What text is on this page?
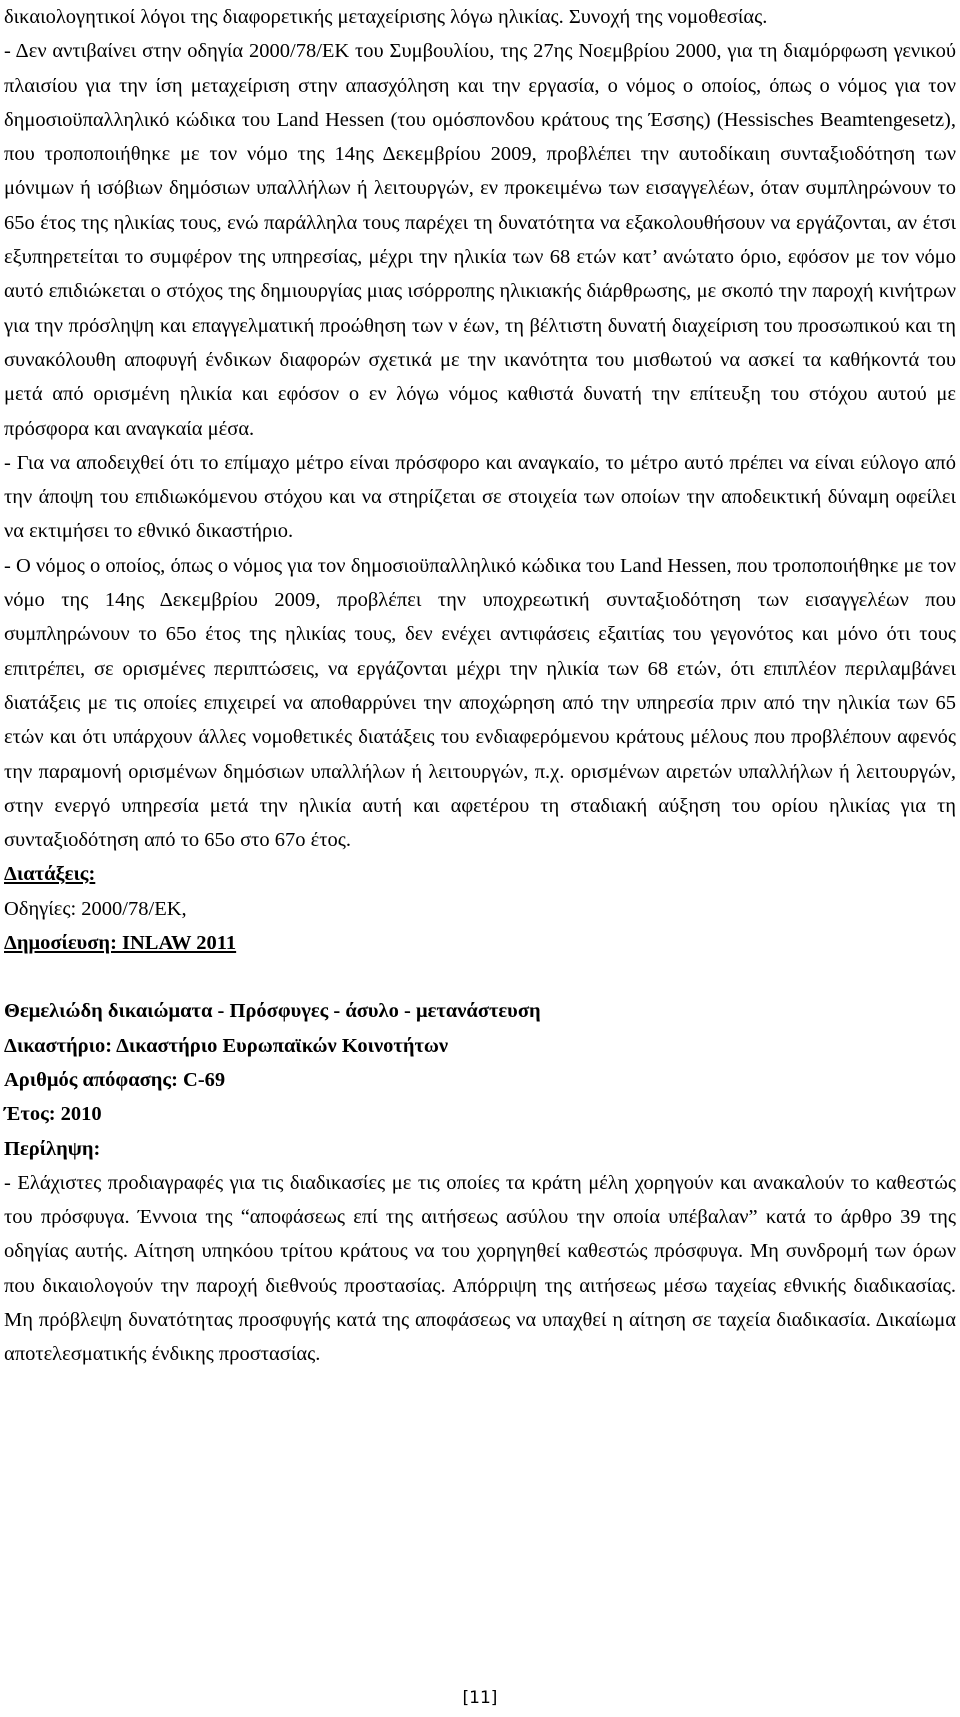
δικαιολογητικοί λόγοι της διαφορετικής μεταχείρισης λόγω ηλικίας. Συνοχή της νομοθεσίας.

- Δεν αντιβαίνει στην οδηγία 2000/78/ΕΚ του Συμβουλίου, της 27ης Νοεμβρίου 2000, για τη διαμόρφωση γενικού πλαισίου για την ίση μεταχείριση στην απασχόληση και την εργασία, ο νόμος ο οποίος, όπως ο νόμος για τον δημοσιοϋπαλληλικό κώδικα του Land Hessen (του ομόσπονδου κράτους της Έσσης) (Hessisches Beamtengesetz), που τροποποιήθηκε με τον νόμο της 14ης Δεκεμβρίου 2009, προβλέπει την αυτοδίκαιη συνταξιοδότηση των μόνιμων ή ισόβιων δημόσιων υπαλλήλων ή λειτουργών, εν προκειμένω των εισαγγελέων, όταν συμπληρώνουν το 65ο έτος της ηλικίας τους, ενώ παράλληλα τους παρέχει τη δυνατότητα να εξακολουθήσουν να εργάζονται, αν έτσι εξυπηρετείται το συμφέρον της υπηρεσίας, μέχρι την ηλικία των 68 ετών κατ’ ανώτατο όριο, εφόσον με τον νόμο αυτό επιδιώκεται ο στόχος της δημιουργίας μιας ισόρροπης ηλικιακής διάρθρωσης, με σκοπό την παροχή κινήτρων για την πρόσληψη και επαγγελματική προώθηση των ν έων, τη βέλτιστη δυνατή διαχείριση του προσωπικού και τη συνακόλουθη αποφυγή ένδικων διαφορών σχετικά με την ικανότητα του μισθωτού να ασκεί τα καθήκοντά του μετά από ορισμένη ηλικία και εφόσον ο εν λόγω νόμος καθιστά δυνατή την επίτευξη του στόχου αυτού με πρόσφορα και αναγκαία μέσα.

- Για να αποδειχθεί ότι το επίμαχο μέτρο είναι πρόσφορο και αναγκαίο, το μέτρο αυτό πρέπει να είναι εύλογο από την άποψη του επιδιωκόμενου στόχου και να στηρίζεται σε στοιχεία των οποίων την αποδεικτική δύναμη οφείλει να εκτιμήσει το εθνικό δικαστήριο.

- Ο νόμος ο οποίος, όπως ο νόμος για τον δημοσιοϋπαλληλικό κώδικα του Land Hessen, που τροποποιήθηκε με τον νόμο της 14ης Δεκεμβρίου 2009, προβλέπει την υποχρεωτική συνταξιοδότηση των εισαγγελέων που συμπληρώνουν το 65ο έτος της ηλικίας τους, δεν ενέχει αντιφάσεις εξαιτίας του γεγονότος και μόνο ότι τους επιτρέπει, σε ορισμένες περιπτώσεις, να εργάζονται μέχρι την ηλικία των 68 ετών, ότι επιπλέον περιλαμβάνει διατάξεις με τις οποίες επιχειρεί να αποθαρρύνει την αποχώρηση από την υπηρεσία πριν από την ηλικία των 65 ετών και ότι υπάρχουν άλλες νομοθετικές διατάξεις του ενδιαφερόμενου κράτους μέλους που προβλέπουν αφενός την παραμονή ορισμένων δημόσιων υπαλλήλων ή λειτουργών, π.χ. ορισμένων αιρετών υπαλλήλων ή λειτουργών, στην ενεργό υπηρεσία μετά την ηλικία αυτή και αφετέρου τη σταδιακή αύξηση του ορίου ηλικίας για τη συνταξιοδότηση από το 65ο στο 67ο έτος.

Διατάξεις:

Οδηγίες: 2000/78/ΕΚ,

Δημοσίευση: INLAW 2011

Θεμελιώδη δικαιώματα - Πρόσφυγες - άσυλο - μετανάστευση

Δικαστήριο: Δικαστήριο Ευρωπαϊκών Κοινοτήτων

Αριθμός απόφασης: C-69

Έτος: 2010

Περίληψη:

- Ελάχιστες προδιαγραφές για τις διαδικασίες με τις οποίες τα κράτη μέλη χορηγούν και ανακαλούν το καθεστώς του πρόσφυγα. Έννοια της “αποφάσεως επί της αιτήσεως ασύλου την οποία υπέβαλαν” κατά το άρθρο 39 της οδηγίας αυτής. Αίτηση υπηκόου τρίτου κράτους να του χορηγηθεί καθεστώς πρόσφυγα. Μη συνδρομή των όρων που δικαιολογούν την παροχή διεθνούς προστασίας. Απόρριψη της αιτήσεως μέσω ταχείας εθνικής διαδικασίας. Μη πρόβλεψη δυνατότητας προσφυγής κατά της αποφάσεως να υπαχθεί η αίτηση σε ταχεία διαδικασία. Δικαίωμα αποτελεσματικής ένδικης προστασίας.

[11]
